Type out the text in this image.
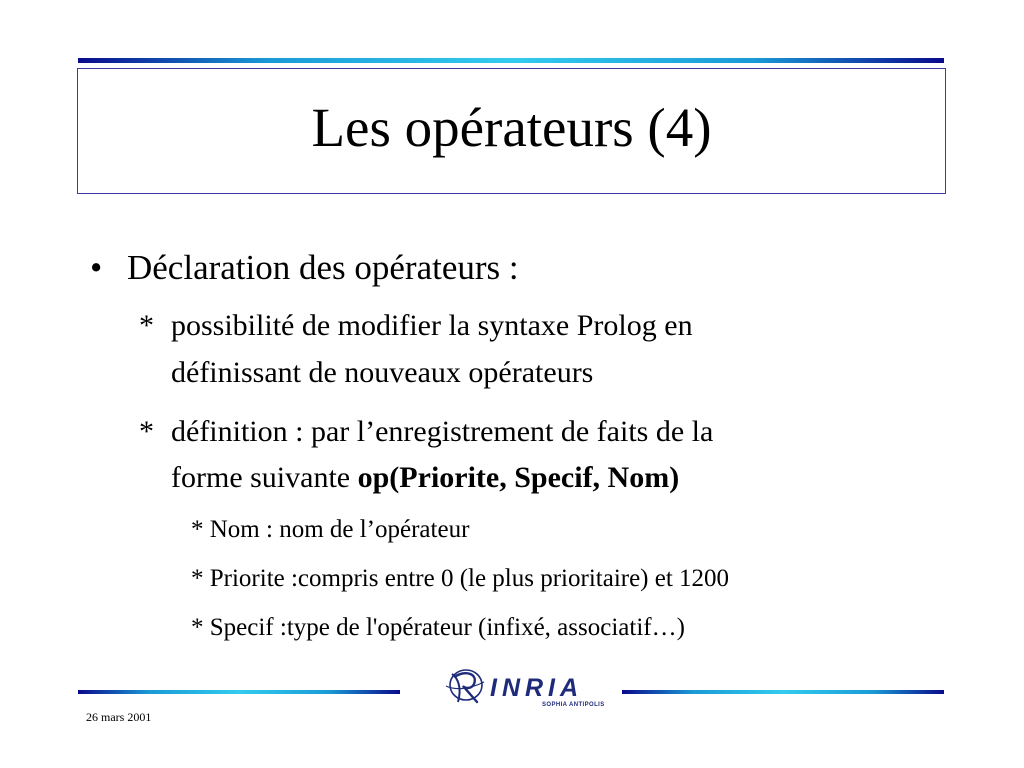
Les opérateurs (4)
• Déclaration des opérateurs :
* possibilité de modifier la syntaxe Prolog en
définissant de nouveaux opérateurs
* définition : par l’enregistrement de faits de la
forme suivante op(Priorite, Specif, Nom)
* Nom : nom de l’opérateur
* Priorite :compris entre 0 (le plus prioritaire) et 1200
* Specif :type de l'opérateur (infixé, associatif…)
INRIA
SOPHIA ANTIPOLIS
26 mars 2001
